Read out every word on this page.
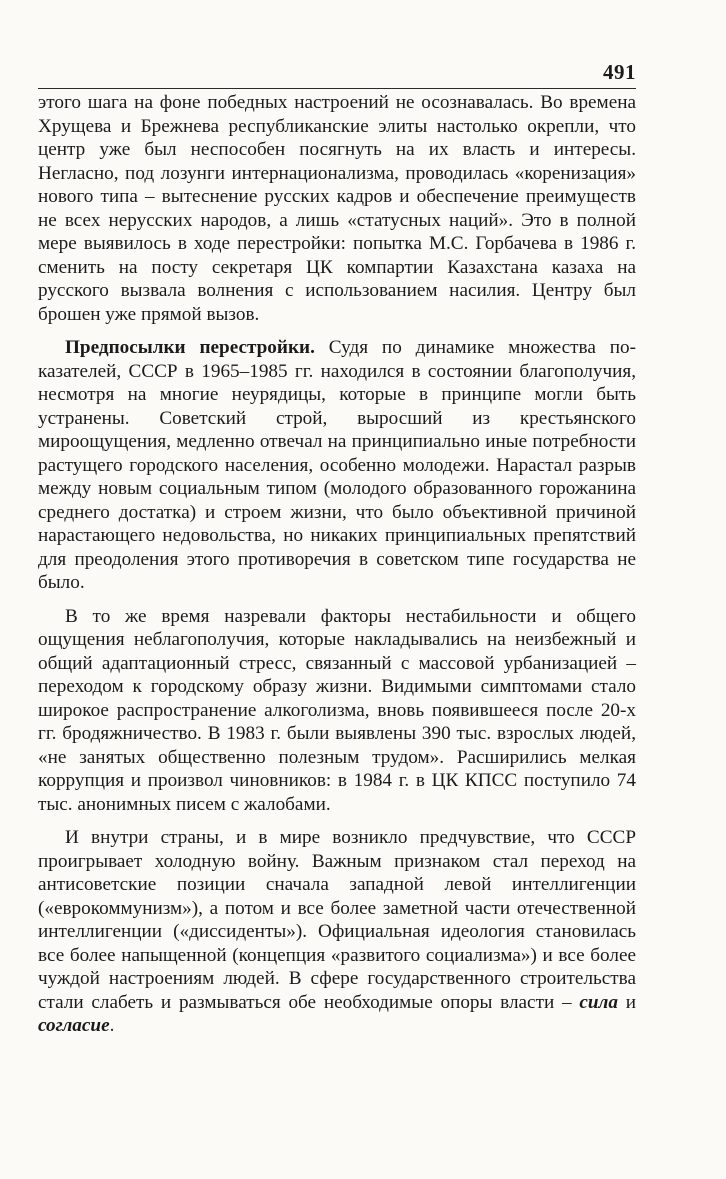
491

этого шага на фоне победных настроений не осознавалась. Во времена Хрущева и Брежнева республиканские элиты настолько окрепли, что центр уже был неспособен посягнуть на их власть и интересы. Негласно, под лозунги интернационализма, проводилась «коренизация» нового типа – вытеснение русских кадров и обеспечение преимуществ не всех нерусских народов, а лишь «статусных наций». Это в полной мере выявилось в ходе перестройки: попытка М.С. Горбачева в 1986 г. сменить на посту секретаря ЦК компартии Казахстана казаха на русского вызвала волнения с использованием насилия. Центру был брошен уже прямой вызов.

Предпосылки перестройки. Судя по динамике множества показателей, СССР в 1965–1985 гг. находился в состоянии благополучия, несмотря на многие неурядицы, которые в принципе могли быть устранены. Советский строй, выросший из крестьянского мироощущения, медленно отвечал на принципиально иные потребности растущего городского населения, особенно молодежи. Нарастал разрыв между новым социальным типом (молодого образованного горожанина среднего достатка) и строем жизни, что было объективной причиной нарастающего недовольства, но никаких принципиальных препятствий для преодоления этого противоречия в советском типе государства не было.

В то же время назревали факторы нестабильности и общего ощущения неблагополучия, которые накладывались на неизбежный и общий адаптационный стресс, связанный с массовой урбанизацией – переходом к городскому образу жизни. Видимыми симптомами стало широкое распространение алкоголизма, вновь появившееся после 20-х гг. бродяжничество. В 1983 г. были выявлены 390 тыс. взрослых людей, «не занятых общественно полезным трудом». Расширились мелкая коррупция и произвол чиновников: в 1984 г. в ЦК КПСС поступило 74 тыс. анонимных писем с жалобами.

И внутри страны, и в мире возникло предчувствие, что СССР проигрывает холодную войну. Важным признаком стал переход на антисоветские позиции сначала западной левой интеллигенции («еврокоммунизм»), а потом и все более заметной части отечественной интеллигенции («диссиденты»). Официальная идеология становилась все более напыщенной (концепция «развитого социализма») и все более чуждой настроениям людей. В сфере государственного строительства стали слабеть и размываться обе необходимые опоры власти – сила и согласие.
